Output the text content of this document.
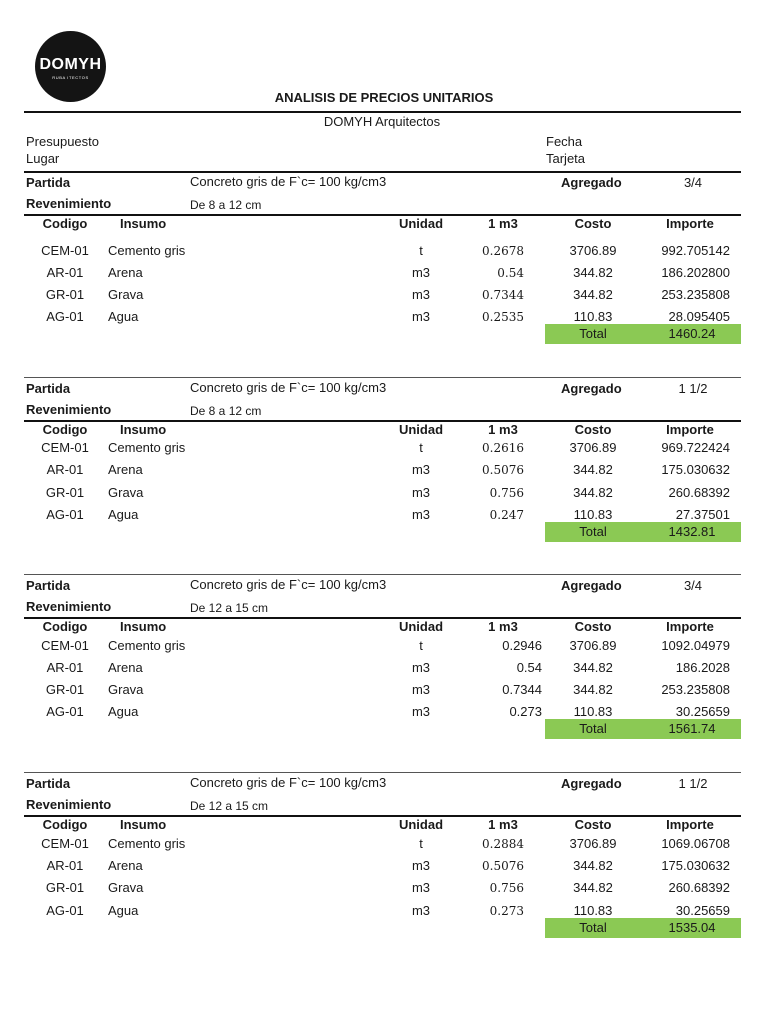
DOMYH
RUBA ITECTOS
ANALISIS DE PRECIOS UNITARIOS
DOMYH Arquitectos
Presupuesto
Lugar
Fecha
Tarjeta
Partida	Concreto gris de F`c= 100 kg/cm3	Agregado	3/4
Revenimiento	De 8 a 12 cm
Codigo	Insumo	Unidad	1 m3	Costo	Importe
CEM-01	Cemento gris	t	0.2678	3706.89	992.705142
AR-01	Arena	m3	0.54	344.82	186.202800
GR-01	Grava	m3	0.7344	344.82	253.235808
AG-01	Agua	m3	0.2535	110.83	28.095405
Total	1460.24
Partida	Concreto gris de F`c= 100 kg/cm3	Agregado	1 1/2
Revenimiento	De 8 a 12 cm
Codigo	Insumo	Unidad	1 m3	Costo	Importe
CEM-01	Cemento gris	t	0.2616	3706.89	969.722424
AR-01	Arena	m3	0.5076	344.82	175.030632
GR-01	Grava	m3	0.756	344.82	260.68392
AG-01	Agua	m3	0.247	110.83	27.37501
Total	1432.81
Partida	Concreto gris de F`c= 100 kg/cm3	Agregado	3/4
Revenimiento	De 12 a 15 cm
Codigo	Insumo	Unidad	1 m3	Costo	Importe
CEM-01	Cemento gris	t	0.2946	3706.89	1092.04979
AR-01	Arena	m3	0.54	344.82	186.2028
GR-01	Grava	m3	0.7344	344.82	253.235808
AG-01	Agua	m3	0.273	110.83	30.25659
Total	1561.74
Partida	Concreto gris de F`c= 100 kg/cm3	Agregado	1 1/2
Revenimiento	De 12 a 15 cm
Codigo	Insumo	Unidad	1 m3	Costo	Importe
CEM-01	Cemento gris	t	0.2884	3706.89	1069.06708
AR-01	Arena	m3	0.5076	344.82	175.030632
GR-01	Grava	m3	0.756	344.82	260.68392
AG-01	Agua	m3	0.273	110.83	30.25659
Total	1535.04
